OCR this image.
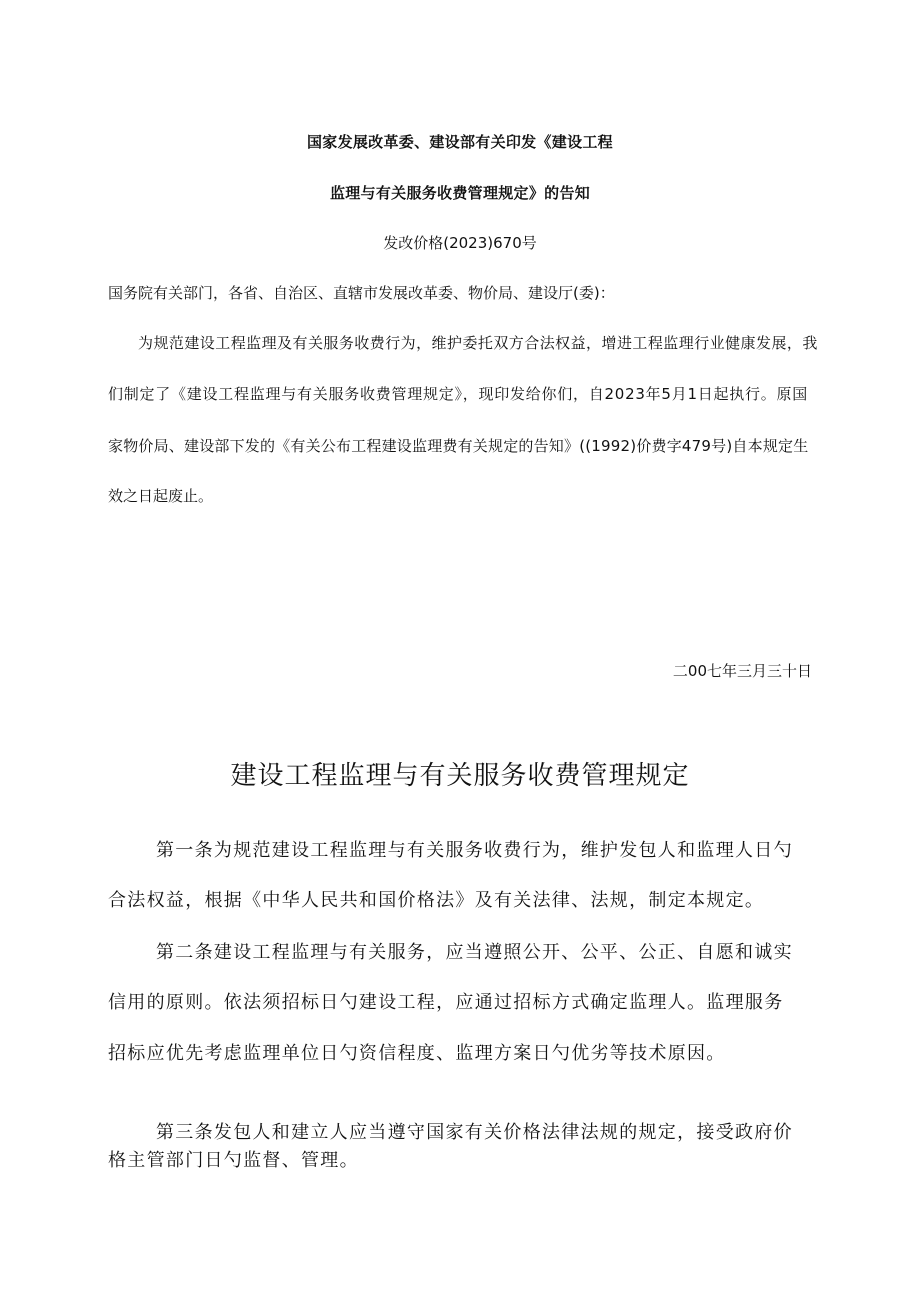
国家发展改革委、建设部有关印发《建设工程
监理与有关服务收费管理规定》的告知
发改价格(2023)670号
国务院有关部门，各省、自治区、直辖市发展改革委、物价局、建设厅(委)：
为规范建设工程监理及有关服务收费行为，维护委托双方合法权益，增进工程监理行业健康发展，我
们制定了《建设工程监理与有关服务收费管理规定》，现印发给你们，自2023年5月1日起执行。原国
家物价局、建设部下发的《有关公布工程建设监理费有关规定的告知》((1992)价费字479号)自本规定生
效之日起废止。
二00七年三月三十日
建设工程监理与有关服务收费管理规定
第一条为规范建设工程监理与有关服务收费行为，维护发包人和监理人日勺
合法权益，根据《中华人民共和国价格法》及有关法律、法规，制定本规定。
第二条建设工程监理与有关服务，应当遵照公开、公平、公正、自愿和诚实
信用的原则。依法须招标日勺建设工程，应通过招标方式确定监理人。监理服务
招标应优先考虑监理单位日勺资信程度、监理方案日勺优劣等技术原因。
第三条发包人和建立人应当遵守国家有关价格法律法规的规定，接受政府价
格主管部门日勺监督、管理。
